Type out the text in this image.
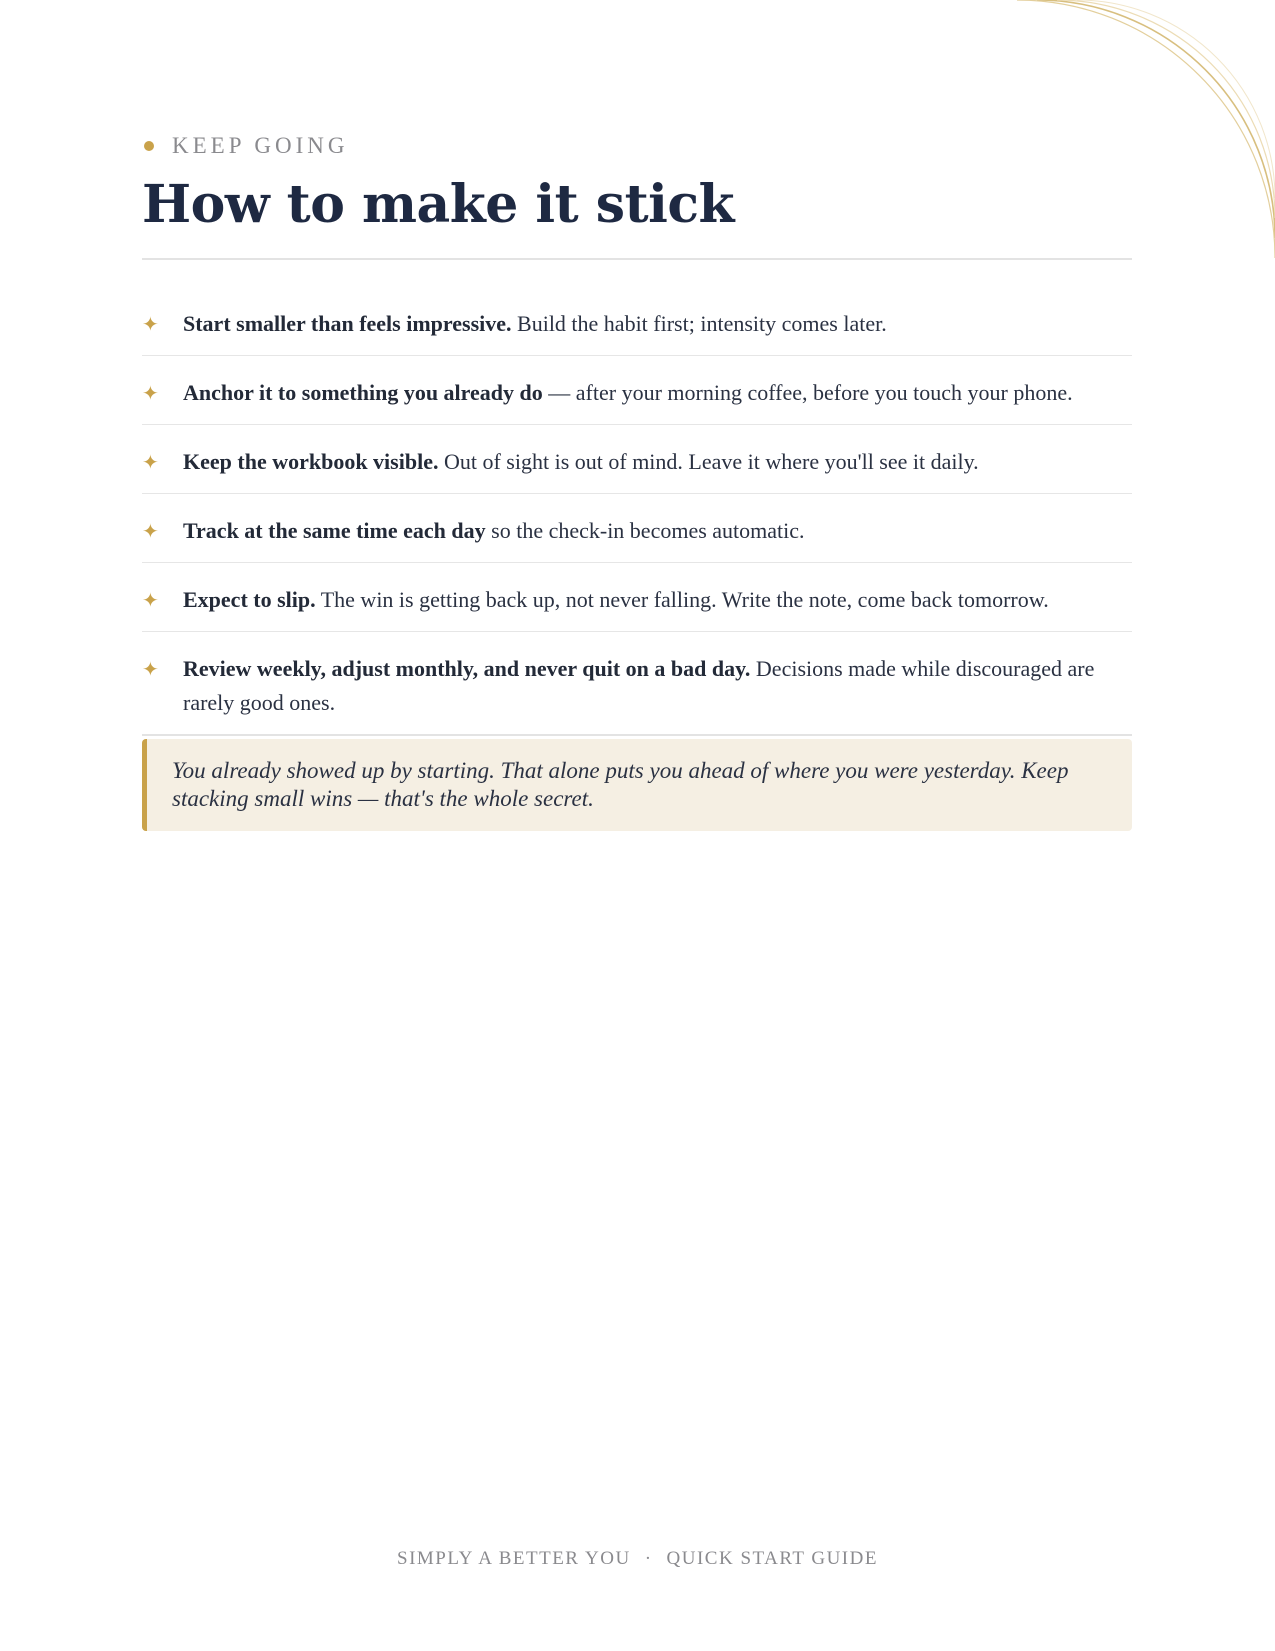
KEEP GOING
How to make it stick
✦	Start smaller than feels impressive. Build the habit first; intensity comes later.
✦	Anchor it to something you already do — after your morning coffee, before you touch your phone.
✦	Keep the workbook visible. Out of sight is out of mind. Leave it where you'll see it daily.
✦	Track at the same time each day so the check-in becomes automatic.
✦	Expect to slip. The win is getting back up, not never falling. Write the note, come back tomorrow.
✦	Review weekly, adjust monthly, and never quit on a bad day. Decisions made while discouraged are rarely good ones.
You already showed up by starting. That alone puts you ahead of where you were yesterday. Keep stacking small wins — that's the whole secret.
SIMPLY A BETTER YOU · QUICK START GUIDE
